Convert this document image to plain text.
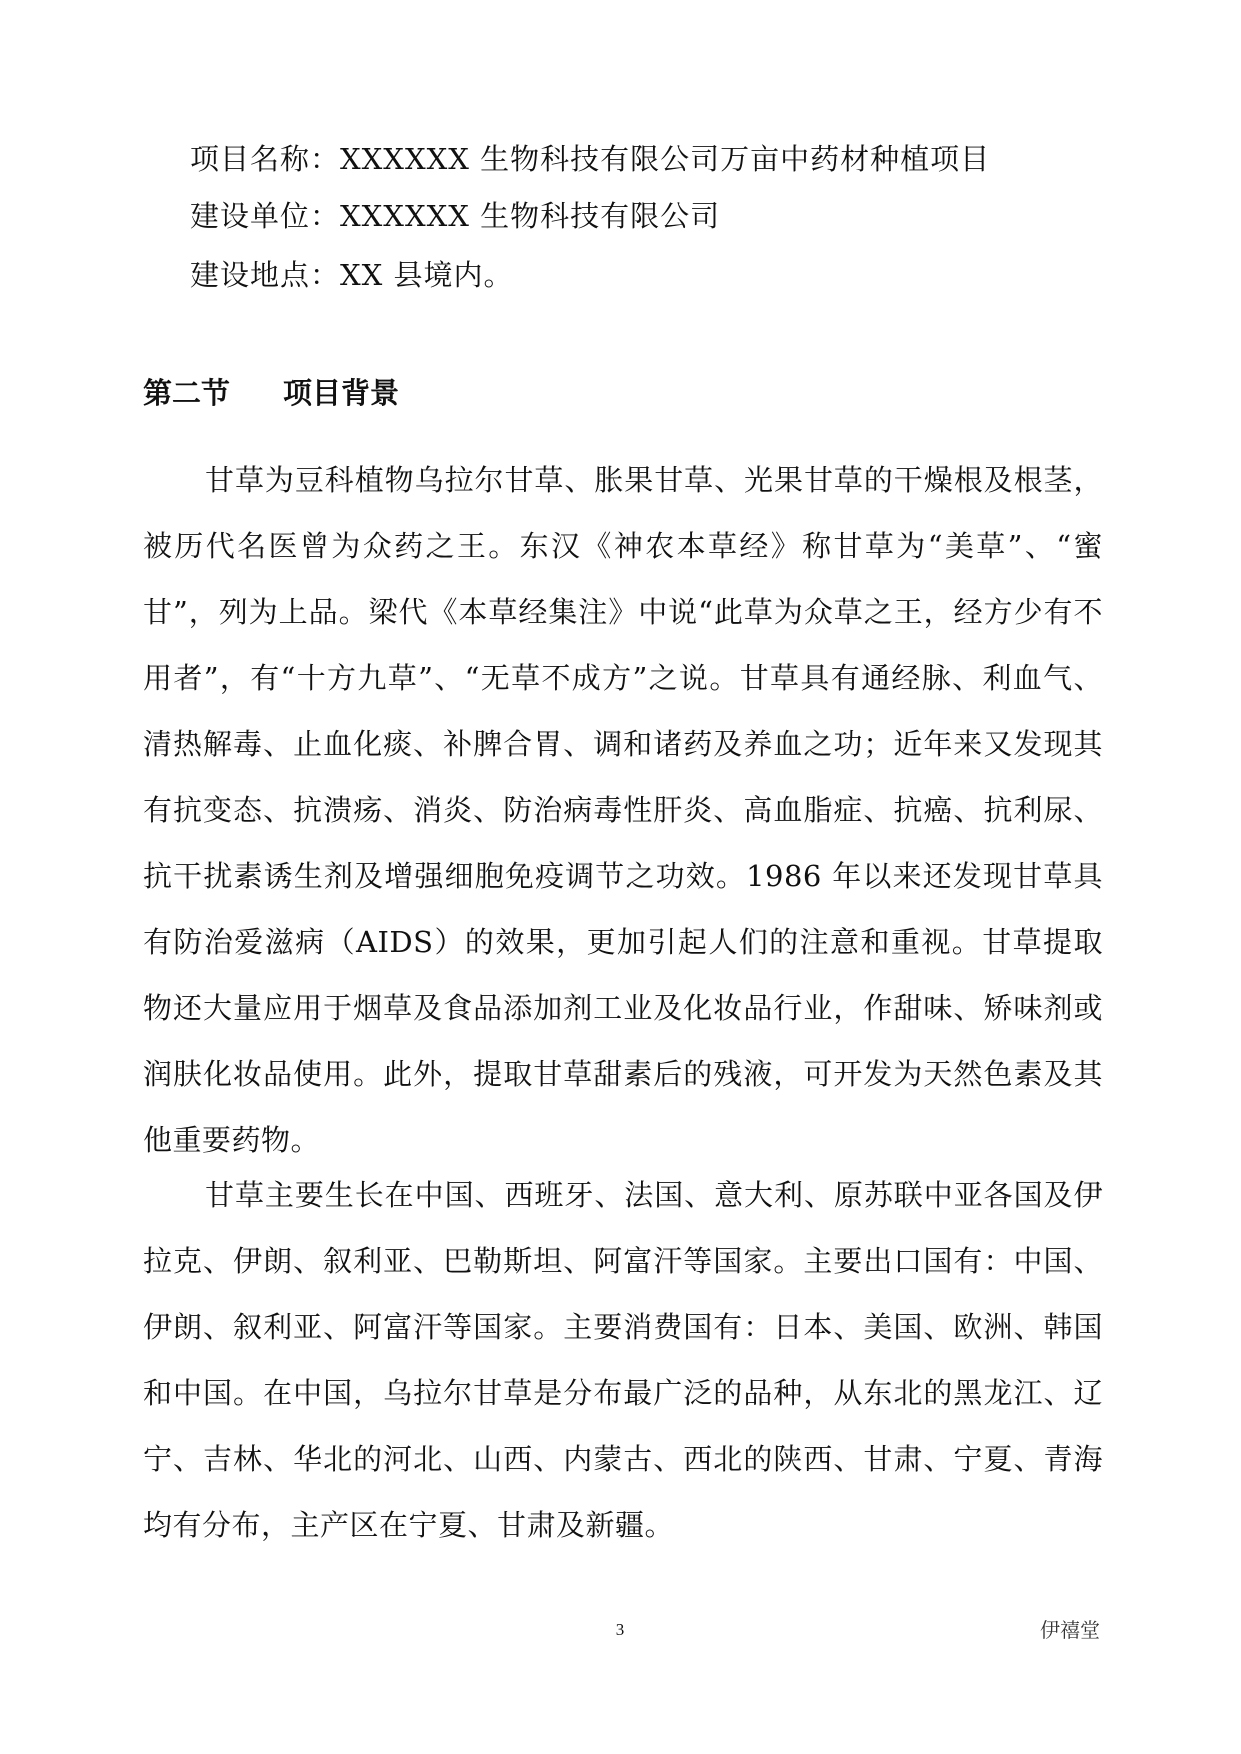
项目名称：XXXXXX 生物科技有限公司万亩中药材种植项目
建设单位：XXXXXX 生物科技有限公司
建设地点：XX 县境内。
第二节 项目背景

甘草为豆科植物乌拉尔甘草、胀果甘草、光果甘草的干燥根及根茎，被历代名医曾为众药之王。东汉《神农本草经》称甘草为“美草”、“蜜甘”，列为上品。梁代《本草经集注》中说“此草为众草之王，经方少有不用者”，有“十方九草”、“无草不成方”之说。甘草具有通经脉、利血气、清热解毒、止血化痰、补脾合胃、调和诸药及养血之功；近年来又发现其有抗变态、抗溃疡、消炎、防治病毒性肝炎、高血脂症、抗癌、抗利尿、抗干扰素诱生剂及增强细胞免疫调节之功效。1986 年以来还发现甘草具有防治爱滋病（AIDS）的效果，更加引起人们的注意和重视。甘草提取物还大量应用于烟草及食品添加剂工业及化妆品行业，作甜味、矫味剂或润肤化妆品使用。此外，提取甘草甜素后的残液，可开发为天然色素及其他重要药物。

甘草主要生长在中国、西班牙、法国、意大利、原苏联中亚各国及伊拉克、伊朗、叙利亚、巴勒斯坦、阿富汗等国家。主要出口国有：中国、伊朗、叙利亚、阿富汗等国家。主要消费国有：日本、美国、欧洲、韩国和中国。在中国，乌拉尔甘草是分布最广泛的品种，从东北的黑龙江、辽宁、吉林、华北的河北、山西、内蒙古、西北的陕西、甘肃、宁夏、青海均有分布，主产区在宁夏、甘肃及新疆。

3	伊禧堂
